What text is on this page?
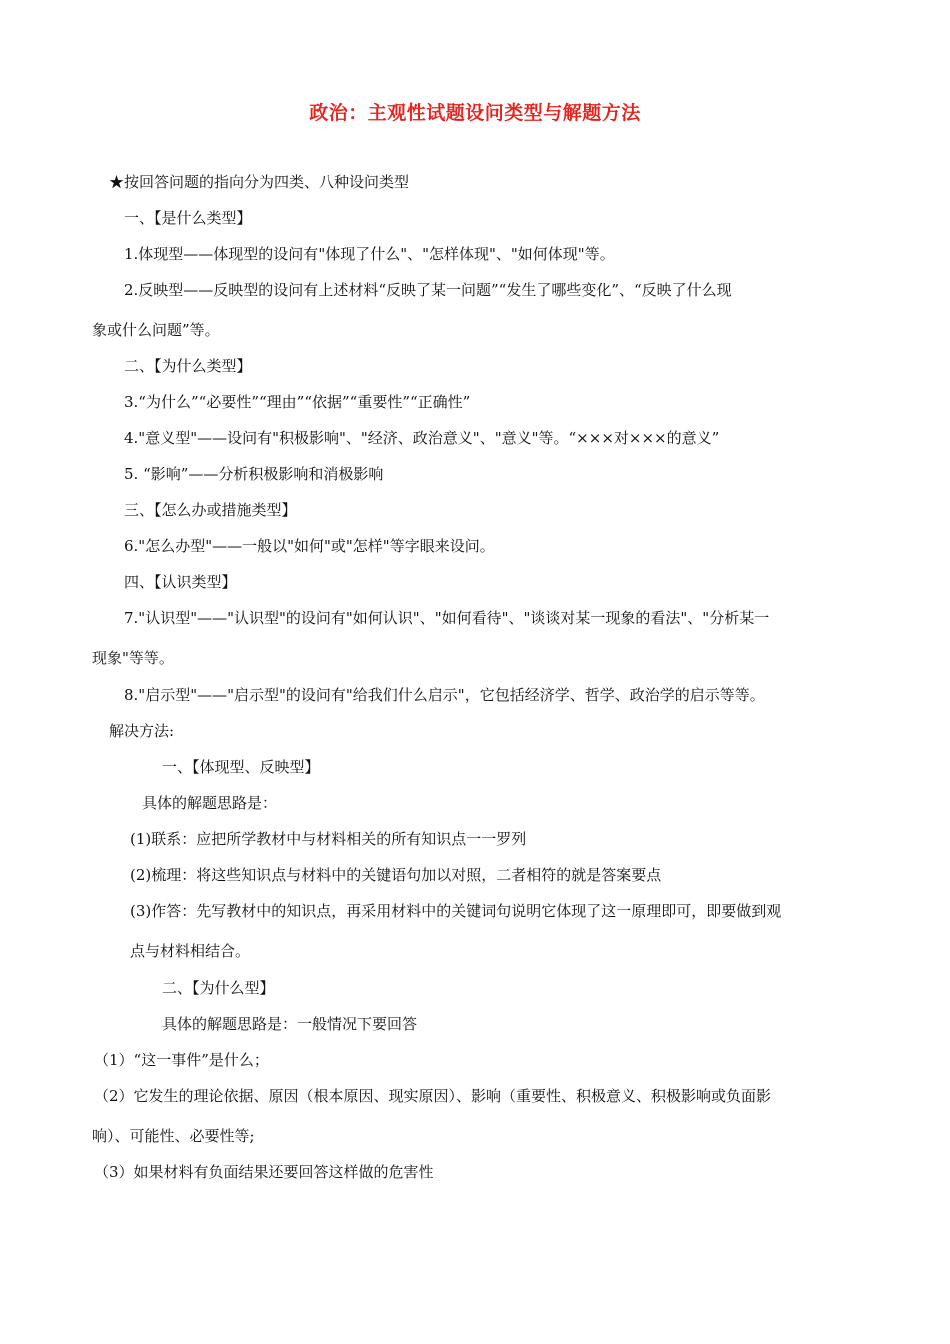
政治：主观性试题设问类型与解题方法
★按回答问题的指向分为四类、八种设问类型
一、【是什么类型】
1.体现型——体现型的设问有"体现了什么"、"怎样体现"、"如何体现"等。
2.反映型——反映型的设问有上述材料“反映了某一问题”“发生了哪些变化”、“反映了什么现
象或什么问题”等。
二、【为什么类型】
3.“为什么”“必要性”“理由”“依据”“重要性”“正确性”
4."意义型"——设问有"积极影响"、"经济、政治意义"、"意义"等。“×××对×××的意义”
5. “影响”——分析积极影响和消极影响
三、【怎么办或措施类型】
6."怎么办型"——一般以"如何"或"怎样"等字眼来设问。
四、【认识类型】
7."认识型"——"认识型"的设问有"如何认识"、"如何看待"、"谈谈对某一现象的看法"、"分析某一
现象"等等。
8."启示型"——"启示型"的设问有"给我们什么启示"，它包括经济学、哲学、政治学的启示等等。
解决方法:
一、【体现型、反映型】
具体的解题思路是：
(1)联系：应把所学教材中与材料相关的所有知识点一一罗列
(2)梳理：将这些知识点与材料中的关键语句加以对照，二者相符的就是答案要点
(3)作答：先写教材中的知识点，再采用材料中的关键词句说明它体现了这一原理即可，即要做到观
点与材料相结合。
二、【为什么型】
具体的解题思路是：一般情况下要回答
（1）“这一事件”是什么；
（2）它发生的理论依据、原因（根本原因、现实原因）、影响（重要性、积极意义、积极影响或负面影
响）、可能性、必要性等;
（3）如果材料有负面结果还要回答这样做的危害性
